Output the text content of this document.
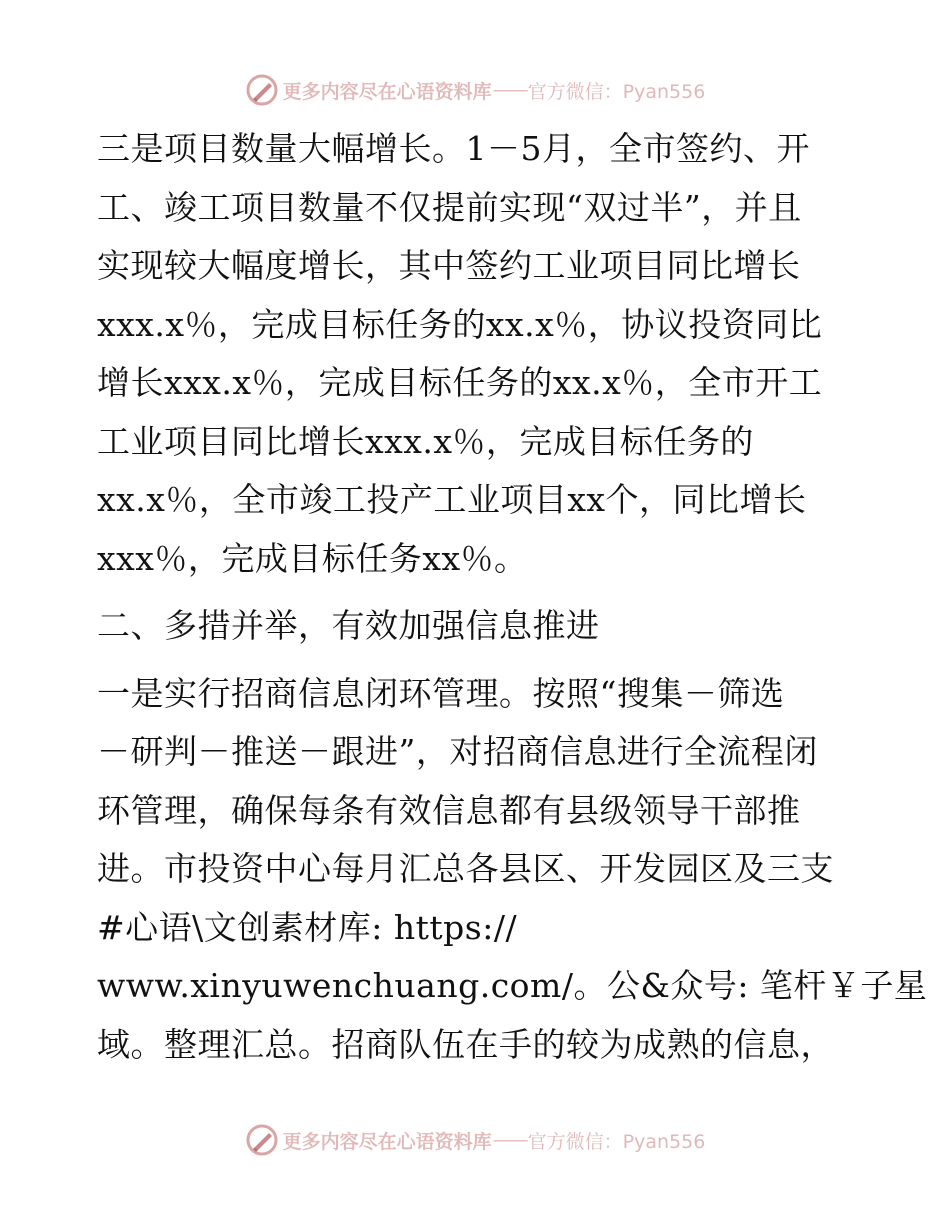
更多内容尽在心语资料库 —— 官方微信：Pyan556
三是项目数量大幅增长。1－5月，全市签约、开
工、竣工项目数量不仅提前实现“双过半”，并且
实现较大幅度增长，其中签约工业项目同比增长
xxx.x％，完成目标任务的xx.x％，协议投资同比
增长xxx.x％，完成目标任务的xx.x％，全市开工
工业项目同比增长xxx.x％，完成目标任务的
xx.x％，全市竣工投产工业项目xx个，同比增长
xxx％，完成目标任务xx％。
二、多措并举，有效加强信息推进
一是实行招商信息闭环管理。按照“搜集－筛选
－研判－推送－跟进”，对招商信息进行全流程闭
环管理，确保每条有效信息都有县级领导干部推
进。市投资中心每月汇总各县区、开发园区及三支
#心语\文创素材库: https://
www.xinyuwenchuang.com/。公&众号: 笔杆￥子星
域。整理汇总。招商队伍在手的较为成熟的信息，
更多内容尽在心语资料库 —— 官方微信：Pyan556
